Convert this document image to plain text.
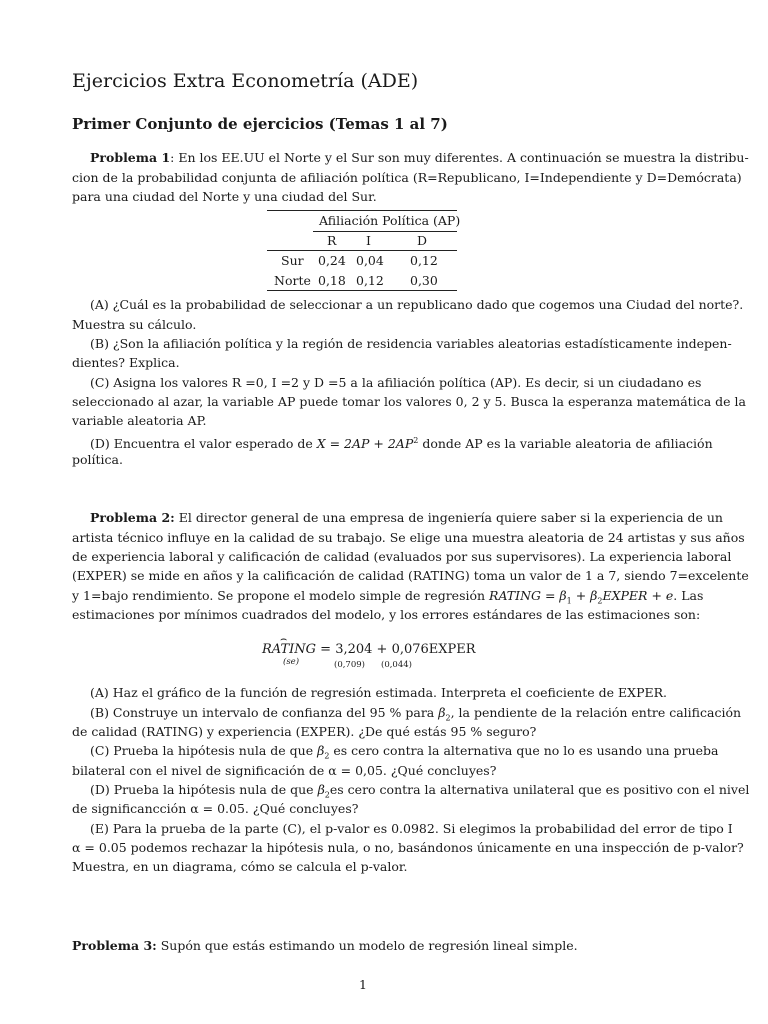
Ejercicios Extra Econometría (ADE)
Primer Conjunto de ejercicios (Temas 1 al 7)
Problema 1: En los EE.UU el Norte y el Sur son muy diferentes. A continuación se muestra la distribu-
cion de la probabilidad conjunta de afiliación política (R=Republicano, I=Independiente y D=Demócrata)
para una ciudad del Norte y una ciudad del Sur.
Afiliación Política (AP)
R I	D
Sur 0,24 0,04 0,12
Norte 0,18 0,12 0,30
(A) ¿Cuál es la probabilidad de seleccionar a un republicano dado que cogemos una Ciudad del norte?.
Muestra su cálculo.
(B) ¿Son la afiliación política y la región de residencia variables aleatorias estadísticamente indepen-
dientes? Explica.
(C) Asigna los valores R =0, I =2 y D =5 a la afiliación política (AP). Es decir, si un ciudadano es
seleccionado al azar, la variable AP puede tomar los valores 0, 2 y 5. Busca la esperanza matemática de la
variable aleatoria AP.
(D) Encuentra el valor esperado de $X = 2AP + 2AP^2$ donde AP es la variable aleatoria de afiliación
política.
Problema 2: El director general de una empresa de ingeniería quiere saber si la experiencia de un
artista técnico influye en la calidad de su trabajo. Se elige una muestra aleatoria de 24 artistas y sus años
de experiencia laboral y calificación de calidad (evaluados por sus supervisores). La experiencia laboral
(EXPER) se mide en años y la calificación de calidad (RATING) toma un valor de 1 a 7, siendo 7=excelente
y 1=bajo rendimiento. Se propone el modelo simple de regresión RATING = $\beta_1$ + $\beta_2EXPER + e$. Las
estimaciones por mínimos cuadrados del modelo, y los errores estándares de las estimaciones son:
RATING
⌢
= 3,204 + 0,076EXPER
(se)	(0,709) (0,044)
(A) Haz el gráfico de la función de regresión estimada. Interpreta el coeficiente de EXPER.
(B) Construye un intervalo de confianza del 95 % para $\beta_2$, la pendiente de la relación entre calificación
de calidad (RATING) y experiencia (EXPER). ¿De qué estás 95 % seguro?
(C) Prueba la hipótesis nula de que $\beta_2$ es cero contra la alternativa que no lo es usando una prueba
bilateral con el nivel de significación de α = 0,05. ¿Qué concluyes?
(D) Prueba la hipótesis nula de que $\beta_2es$ cero contra la alternativa unilateral que es positivo con el nivel
de significancción α = 0.05. ¿Qué concluyes?
(E) Para la prueba de la parte (C), el p-valor es 0.0982. Si elegimos la probabilidad del error de tipo I
α = 0.05 podemos rechazar la hipótesis nula, o no, basándonos únicamente en una inspección de p-valor?
Muestra, en un diagrama, cómo se calcula el p-valor.
Problema 3: Supón que estás estimando un modelo de regresión lineal simple.
1
